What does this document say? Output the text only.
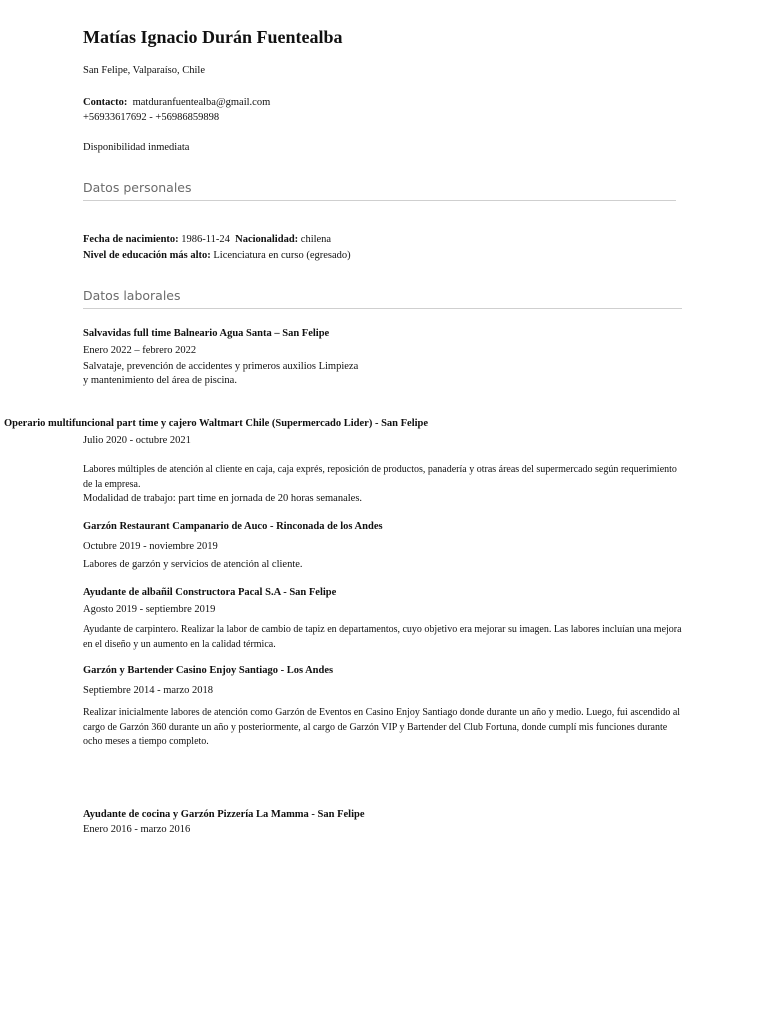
Matías Ignacio Durán Fuentealba
San Felipe, Valparaíso, Chile
Contacto: matduranfuentealba@gmail.com
+56933617692 - +56986859898
Disponibilidad inmediata
Datos personales
Fecha de nacimiento: 1986-11-24 Nacionalidad: chilena
Nivel de educación más alto: Licenciatura en curso (egresado)
Datos laborales
Salvavidas full time Balneario Agua Santa – San Felipe
Enero 2022 – febrero 2022
Salvataje, prevención de accidentes y primeros auxilios Limpieza
y mantenimiento del área de piscina.
Operario multifuncional part time y cajero Waltmart Chile (Supermercado Lider) - San Felipe
Julio 2020 - octubre 2021
Labores múltiples de atención al cliente en caja, caja exprés, reposición de productos, panadería y otras áreas del supermercado según requerimiento de la empresa.
Modalidad de trabajo: part time en jornada de 20 horas semanales.
Garzón Restaurant Campanario de Auco - Rinconada de los Andes
Octubre 2019 - noviembre 2019
Labores de garzón y servicios de atención al cliente.
Ayudante de albañil Constructora Pacal S.A - San Felipe
Agosto 2019 - septiembre 2019
Ayudante de carpintero. Realizar la labor de cambio de tapiz en departamentos, cuyo objetivo era mejorar su imagen. Las labores incluían una mejora en el diseño y un aumento en la calidad térmica.
Garzón y Bartender Casino Enjoy Santiago - Los Andes
Septiembre 2014 - marzo 2018
Realizar inicialmente labores de atención como Garzón de Eventos en Casino Enjoy Santiago donde durante un año y medio. Luego, fui ascendido al cargo de Garzón 360 durante un año y posteriormente, al cargo de Garzón VIP y Bartender del Club Fortuna, donde cumplí mis funciones durante ocho meses a tiempo completo.
Ayudante de cocina y Garzón Pizzería La Mamma - San Felipe
Enero 2016 - marzo 2016
